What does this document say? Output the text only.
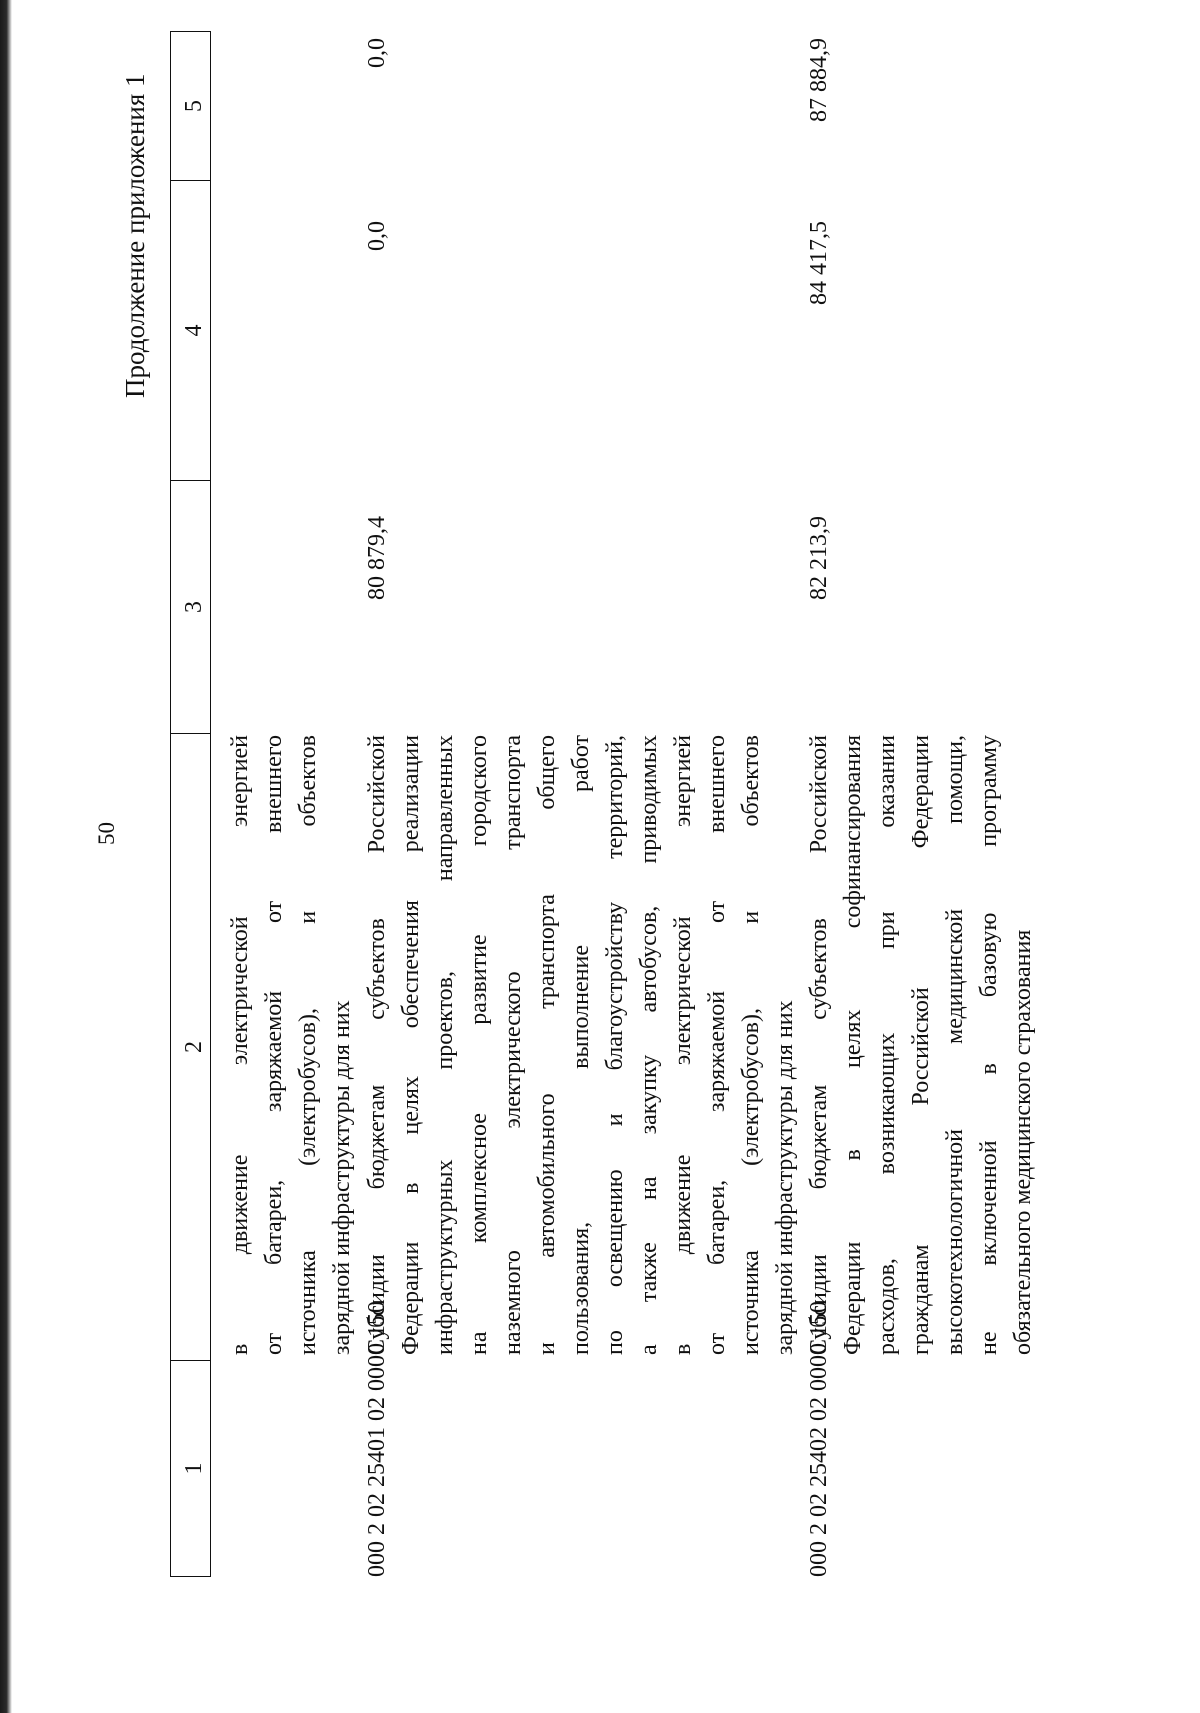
50
Продолжение приложения 1
1
2
3
4
5
в движение электрической энергией от батареи, заряжаемой от внешнего источника (электробусов), и объектов зарядной инфраструктуры для них
000 2 02 25401 02 0000 150
Субсидии бюджетам субъектов Российской Федерации в целях обеспечения реализации инфраструктурных проектов, направленных на комплексное развитие городского наземного электрического транспорта и автомобильного транспорта общего пользования, выполнение работ по освещению и благоустройству территорий, а также на закупку автобусов, приводимых в движение электрической энергией от батареи, заряжаемой от внешнего источника (электробусов), и объектов зарядной инфраструктуры для них
80 879,4
0,0
0,0
000 2 02 25402 02 0000 150
Субсидии бюджетам субъектов Российской Федерации в целях софинансирования расходов, возникающих при оказании гражданам Российской Федерации высокотехнологичной медицинской помощи, не включенной в базовую программу обязательного медицинского страхования
82 213,9
84 417,5
87 884,9
